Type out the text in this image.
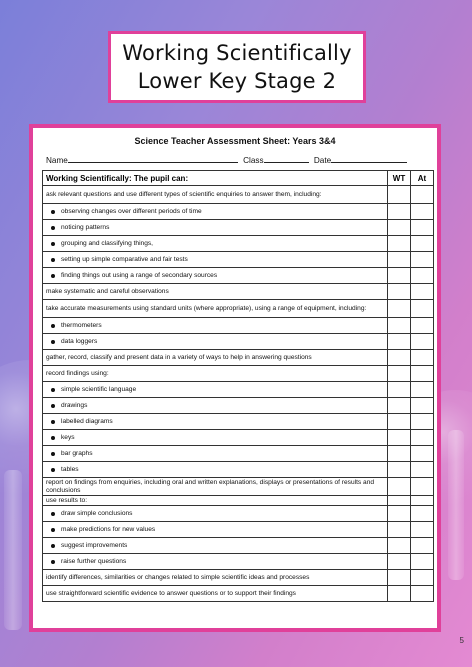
Working Scientifically
Lower Key Stage 2
Science Teacher Assessment Sheet: Years 3&4
Name	Class	Date
Working Scientifically: The pupil can:	WT	At
ask relevant questions and use different types of scientific enquiries to answer them, including:		
observing changes over different periods of time		
noticing patterns		
grouping and classifying things,		
setting up simple comparative and fair tests		
finding things out using a range of secondary sources		
make systematic and careful observations		
take accurate measurements using standard units (where appropriate), using a range of equipment, including:		
thermometers		
data loggers		
gather, record, classify and present data in a variety of ways to help in answering questions		
record findings using:		
simple scientific language		
drawings		
labelled diagrams		
keys		
bar graphs		
tables		
report on findings from enquiries, including oral and written explanations, displays or presentations of results and conclusions		
use results to:		
draw simple conclusions		
make predictions for new values		
suggest improvements		
raise further questions		
identify differences, similarities or changes related to simple scientific ideas and processes		
use straightforward scientific evidence to answer questions or to support their findings		
5
